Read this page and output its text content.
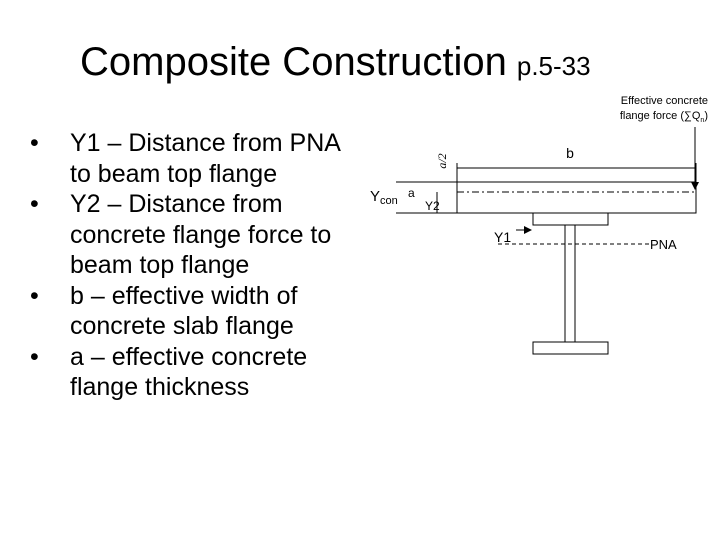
Composite Construction p.5-33
• Y1 – Distance from PNA to beam top flange
• Y2 – Distance from concrete flange force to beam top flange
• b – effective width of concrete slab flange
• a – effective concrete flange thickness
Effective concrete
flange force $(\sum Q_n)$
a/2	b
$Y_{con}$
a
Y2
Y1	PNA
